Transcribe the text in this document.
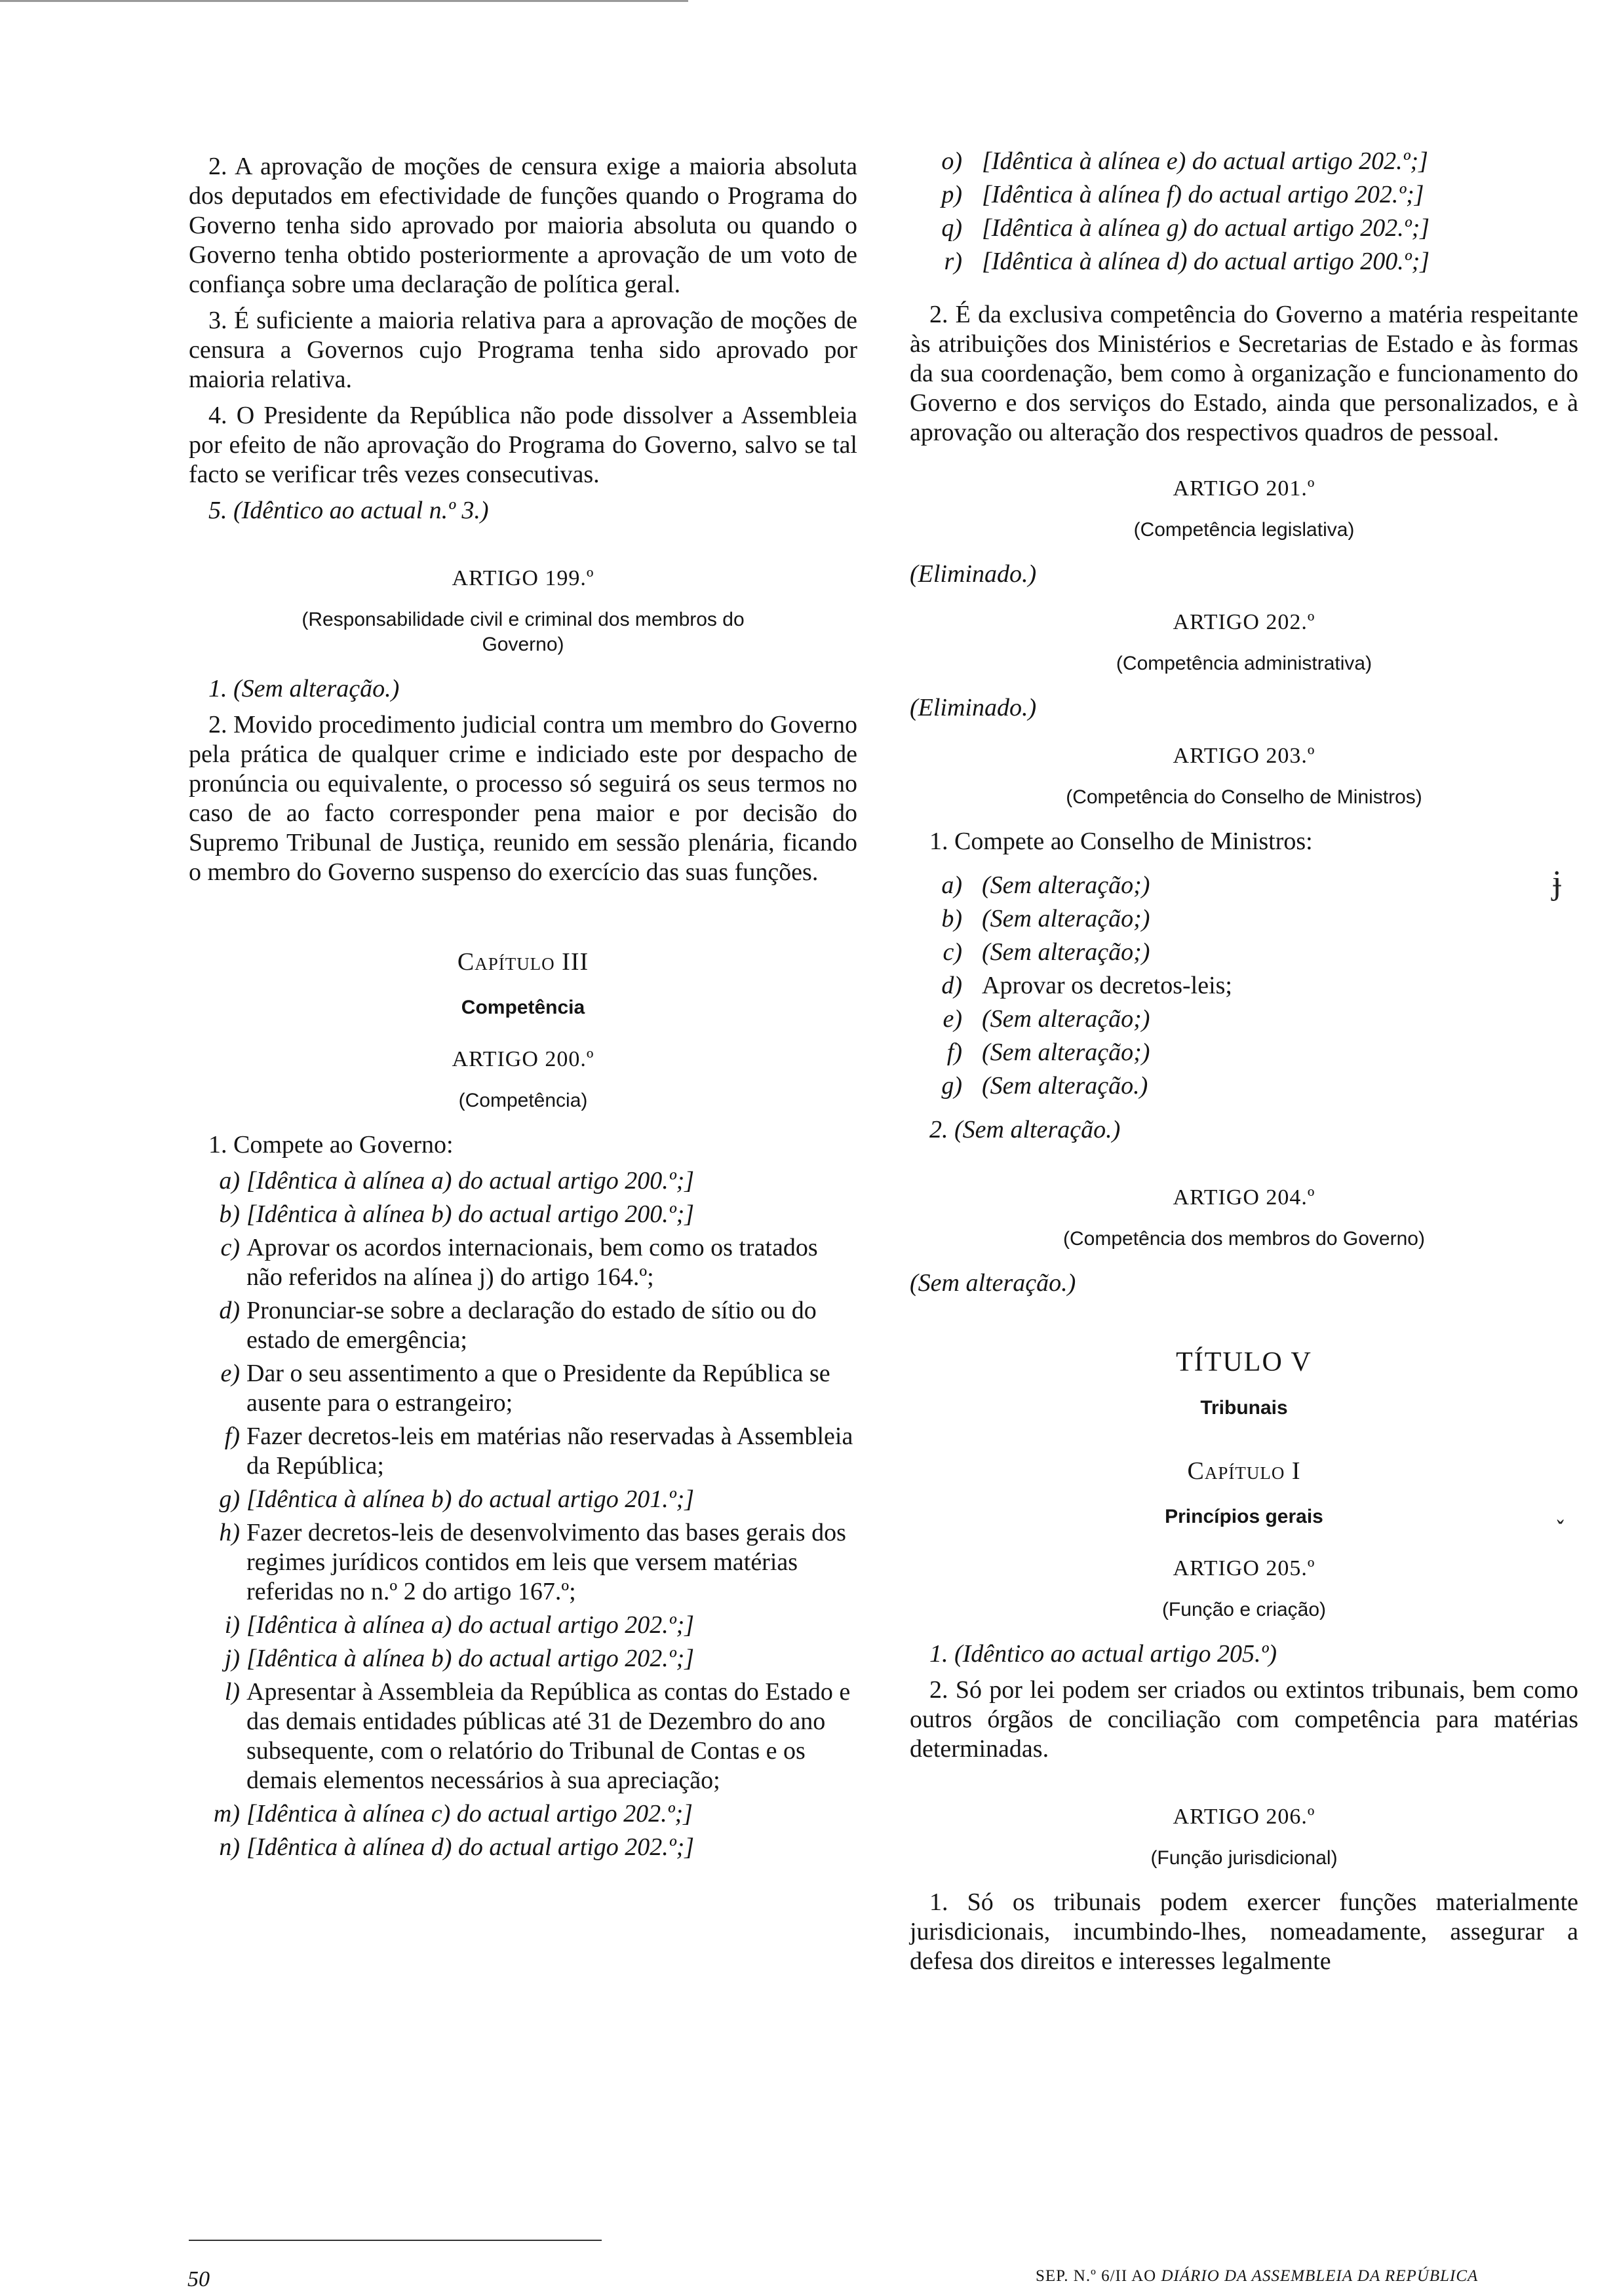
2. A aprovação de moções de censura exige a maioria absoluta dos deputados em efectividade de funções quando o Programa do Governo tenha sido aprovado por maioria absoluta ou quando o Governo tenha obtido posteriormente a aprovação de um voto de confiança sobre uma declaração de política geral.

3. É suficiente a maioria relativa para a aprovação de moções de censura a Governos cujo Programa tenha sido aprovado por maioria relativa.

4. O Presidente da República não pode dissolver a Assembleia por efeito de não aprovação do Programa do Governo, salvo se tal facto se verificar três vezes consecutivas.

5. (Idêntico ao actual n.º 3.)

ARTIGO 199.º
(Responsabilidade civil e criminal dos membros do Governo)

1. (Sem alteração.)

2. Movido procedimento judicial contra um membro do Governo pela prática de qualquer crime e indiciado este por despacho de pronúncia ou equivalente, o processo só seguirá os seus termos no caso de ao facto corresponder pena maior e por decisão do Supremo Tribunal de Justiça, reunido em sessão plenária, ficando o membro do Governo suspenso do exercício das suas funções.

Capítulo III
Competência
ARTIGO 200.º
(Competência)

1. Compete ao Governo:

a) [Idêntica à alínea a) do actual artigo 200.º;]
b) [Idêntica à alínea b) do actual artigo 200.º;]
c) Aprovar os acordos internacionais, bem como os tratados não referidos na alínea j) do artigo 164.º;
d) Pronunciar-se sobre a declaração do estado de sítio ou do estado de emergência;
e) Dar o seu assentimento a que o Presidente da República se ausente para o estrangeiro;
f) Fazer decretos-leis em matérias não reservadas à Assembleia da República;
g) [Idêntica à alínea b) do actual artigo 201.º;]
h) Fazer decretos-leis de desenvolvimento das bases gerais dos regimes jurídicos contidos em leis que versem matérias referidas no n.º 2 do artigo 167.º;
i) [Idêntica à alínea a) do actual artigo 202.º;]
j) [Idêntica à alínea b) do actual artigo 202.º;]
l) Apresentar à Assembleia da República as contas do Estado e das demais entidades públicas até 31 de Dezembro do ano subsequente, com o relatório do Tribunal de Contas e os demais elementos necessários à sua apreciação;
m) [Idêntica à alínea c) do actual artigo 202.º;]
n) [Idêntica à alínea d) do actual artigo 202.º;]
o) [Idêntica à alínea e) do actual artigo 202.º;]
p) [Idêntica à alínea f) do actual artigo 202.º;]
q) [Idêntica à alínea g) do actual artigo 202.º;]
r) [Idêntica à alínea d) do actual artigo 200.º;]

2. É da exclusiva competência do Governo a matéria respeitante às atribuições dos Ministérios e Secretarias de Estado e às formas da sua coordenação, bem como à organização e funcionamento do Governo e dos serviços do Estado, ainda que personalizados, e à aprovação ou alteração dos respectivos quadros de pessoal.

ARTIGO 201.º
(Competência legislativa)

(Eliminado.)

ARTIGO 202.º
(Competência administrativa)

(Eliminado.)

ARTIGO 203.º
(Competência do Conselho de Ministros)

1. Compete ao Conselho de Ministros:

a) (Sem alteração;)
b) (Sem alteração;)
c) (Sem alteração;)
d) Aprovar os decretos-leis;
e) (Sem alteração;)
f) (Sem alteração;)
g) (Sem alteração.)

2. (Sem alteração.)

ARTIGO 204.º
(Competência dos membros do Governo)

(Sem alteração.)

TÍTULO V
Tribunais
Capítulo I
Princípios gerais
ARTIGO 205.º
(Função e criação)

1. (Idêntico ao actual artigo 205.º)

2. Só por lei podem ser criados ou extintos tribunais, bem como outros órgãos de conciliação com competência para matérias determinadas.

ARTIGO 206.º
(Função jurisdicional)

1. Só os tribunais podem exercer funções materialmente jurisdicionais, incumbindo-lhes, nomeadamente, assegurar a defesa dos direitos e interesses legalmente

ɉ
˯
50	SEP. N.º 6/II AO DIÁRIO DA ASSEMBLEIA DA REPÚBLICA
